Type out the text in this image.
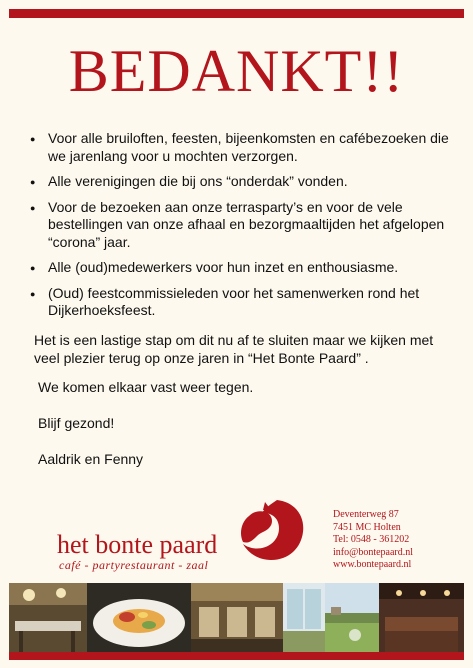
BEDANKT!!
● Voor alle bruiloften, feesten, bijeenkomsten en cafébezoeken die we jarenlang voor u mochten verzorgen.
● Alle verenigingen die bij ons “onderdak” vonden.
● Voor de bezoeken aan onze terrasparty’s en voor de vele bestellingen van onze afhaal en bezorgmaaltijden het afgelopen “corona” jaar.
● Alle (oud)medewerkers voor hun inzet en enthousiasme.
● (Oud) feestcommissieleden voor het samenwerken rond het Dijkerhoeksfeest.

Het is een lastige stap om dit nu af te sluiten maar we kijken met veel plezier terug op onze jaren in “Het Bonte Paard” .

We komen elkaar vast weer tegen.

Blijf gezond!

Aaldrik en Fenny

het bonte paard
café - partyrestaurant - zaal
Deventerweg 87
7451 MC Holten
Tel: 0548 - 361202
info@bontepaard.nl
www.bontepaard.nl
